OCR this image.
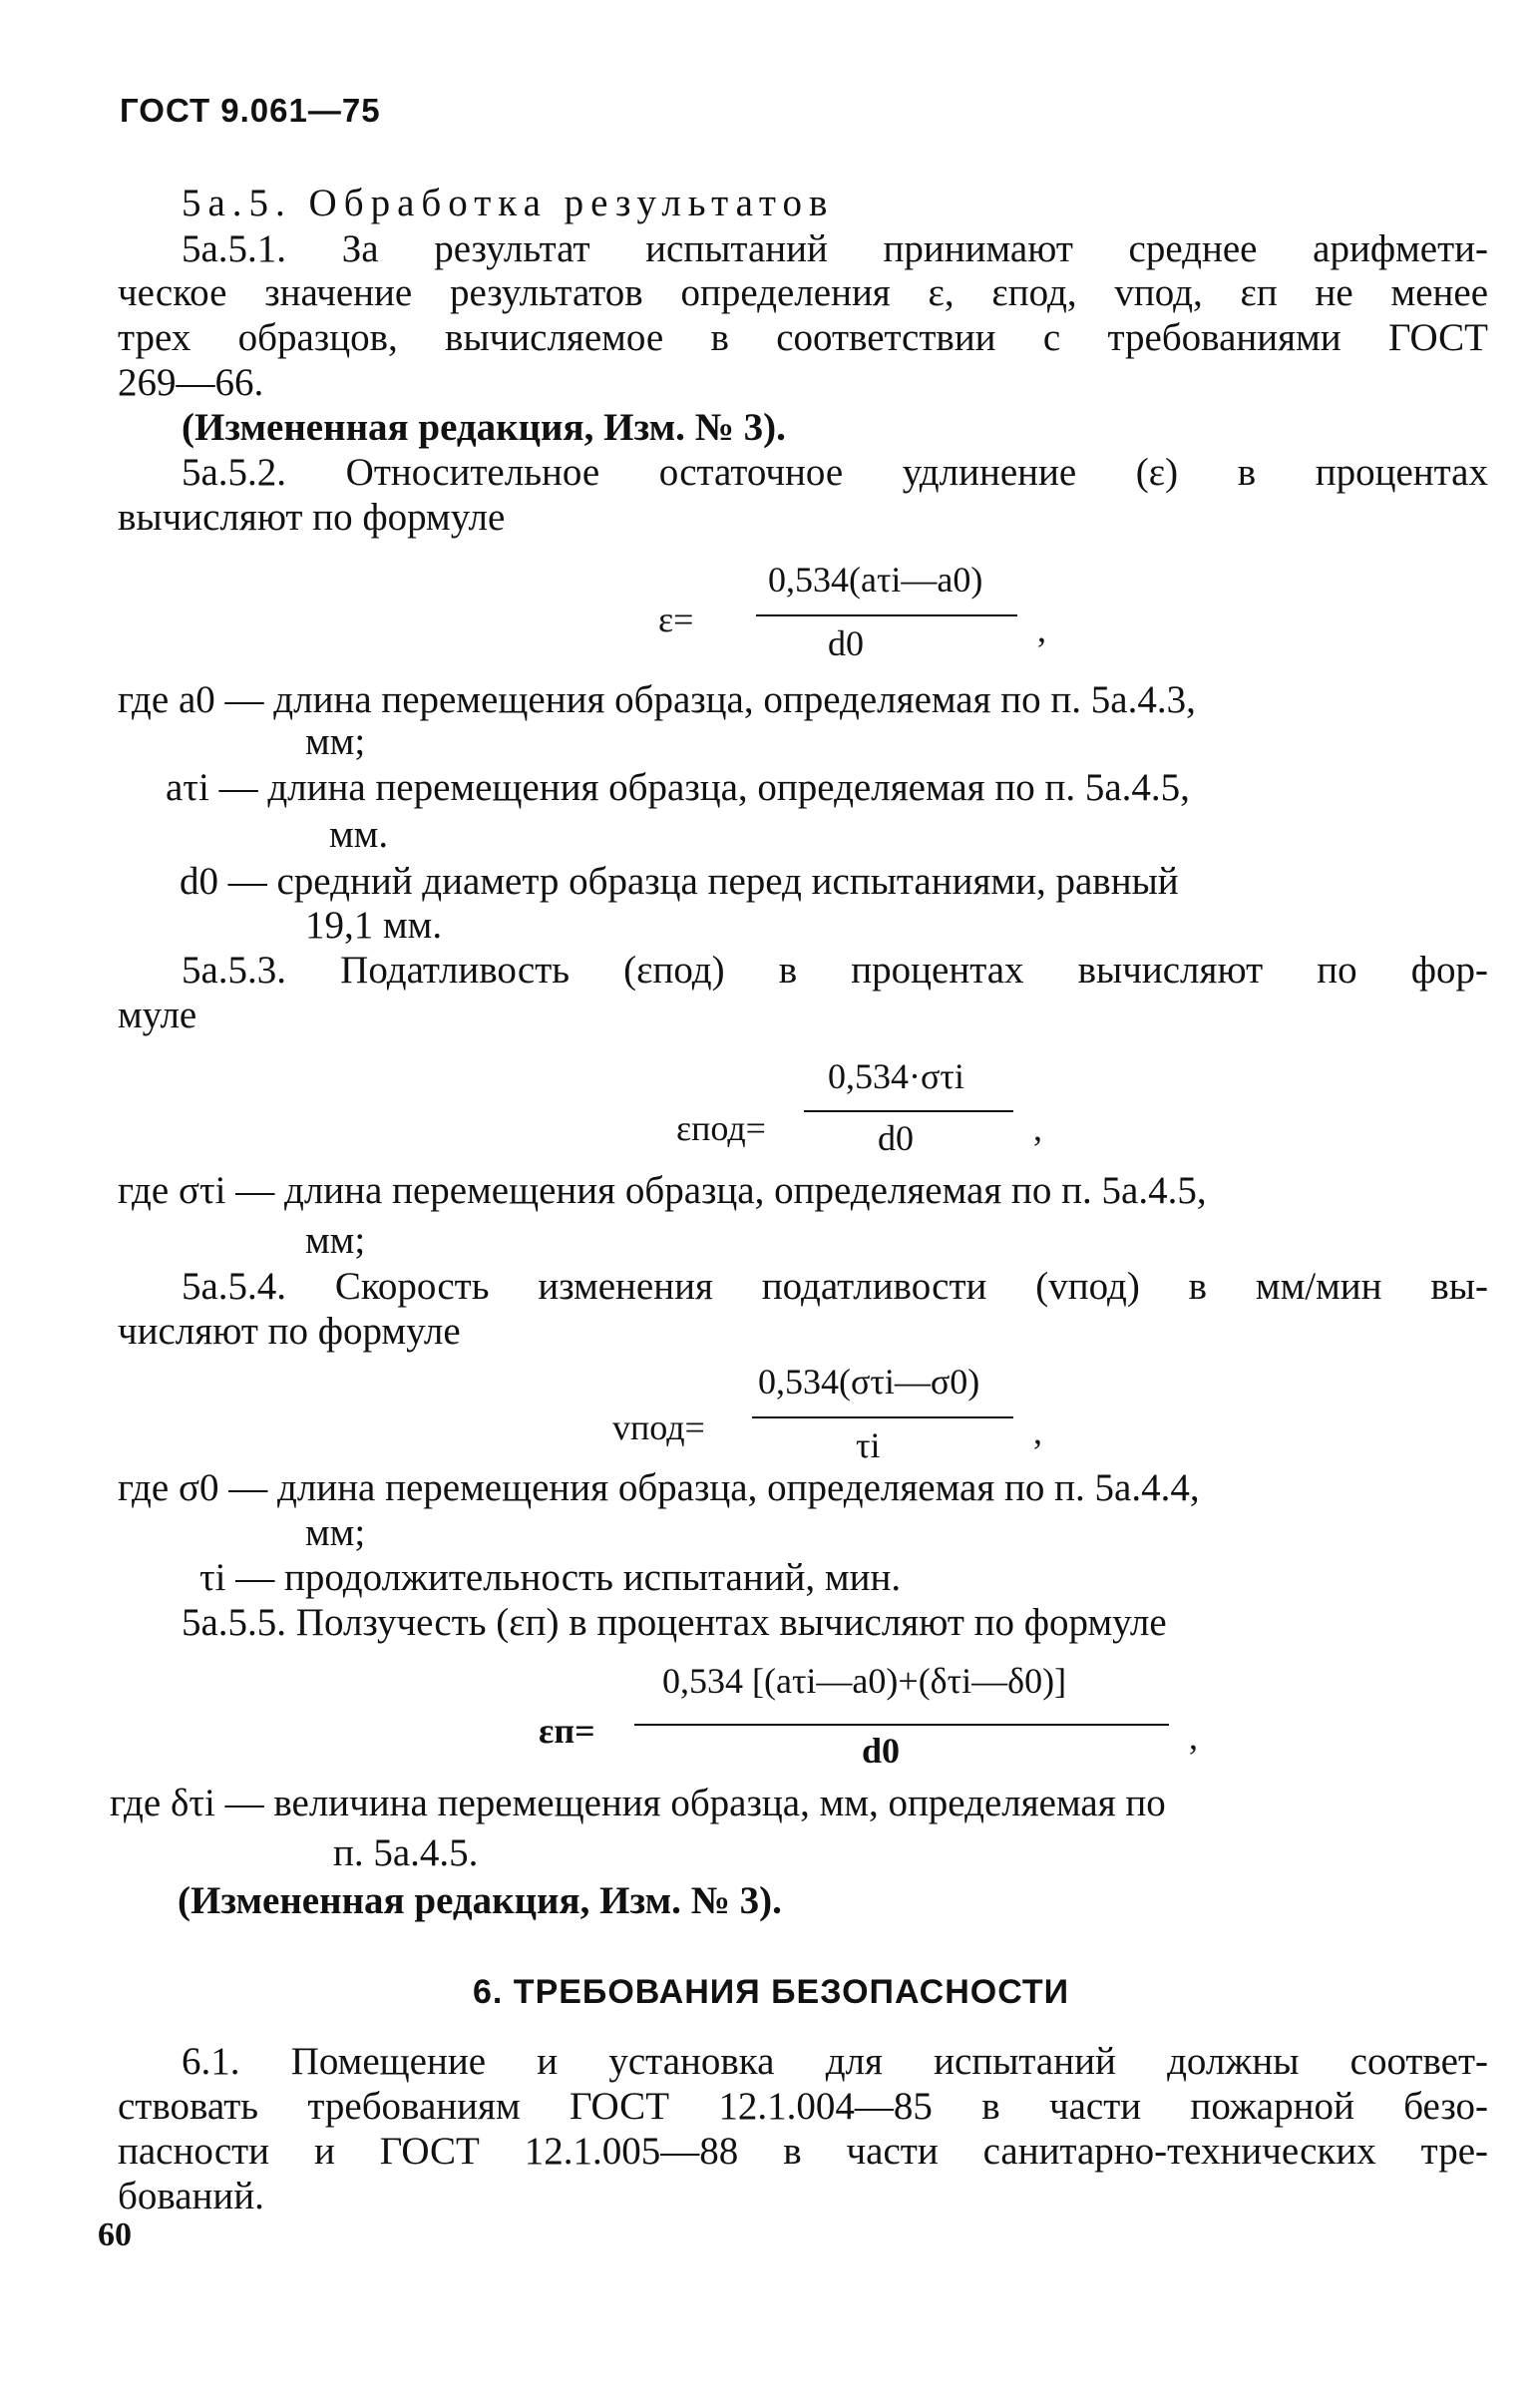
ГОСТ 9.061—75
5а.5. Обработка результатов
5а.5.1. За результат испытаний принимают среднее арифмети-
ческое значение результатов определения ε, εпод, vпод, εп не менее
трех образцов, вычисляемое в соответствии с требованиями ГОСТ
269—66.
(Измененная редакция, Изм. № 3).
5а.5.2. Относительное остаточное удлинение (ε) в процентах
вычисляют по формуле
ε=
0,534(aτi—a0)
d0	,
где a0 — длина перемещения образца, определяемая по п. 5а.4.3,
мм;
aτi — длина перемещения образца, определяемая по п. 5а.4.5,
мм.
d0 — средний диаметр образца перед испытаниями, равный
19,1 мм.
5а.5.3. Податливость (εпод) в процентах вычисляют по фор-
муле
εпод=
0,534·στi
d0	,
где στi — длина перемещения образца, определяемая по п. 5а.4.5,
мм;
5а.5.4. Скорость изменения податливости (vпод) в мм/мин вы-
числяют по формуле
vпод=
0,534(στi—σ0)
τi	,
где σ0 — длина перемещения образца, определяемая по п. 5а.4.4,
мм;
τi — продолжительность испытаний, мин.
5а.5.5. Ползучесть (εп) в процентах вычисляют по формуле
εп=
0,534 [(aτi—a0)+(δτi—δ0)]
d0	,
где δτi — величина перемещения образца, мм, определяемая по
п. 5а.4.5.
(Измененная редакция, Изм. № 3).
6. ТРЕБОВАНИЯ БЕЗОПАСНОСТИ
6.1. Помещение и установка для испытаний должны соответ-
ствовать требованиям ГОСТ 12.1.004—85 в части пожарной безо-
пасности и ГОСТ 12.1.005—88 в части санитарно-технических тре-
бований.
60
